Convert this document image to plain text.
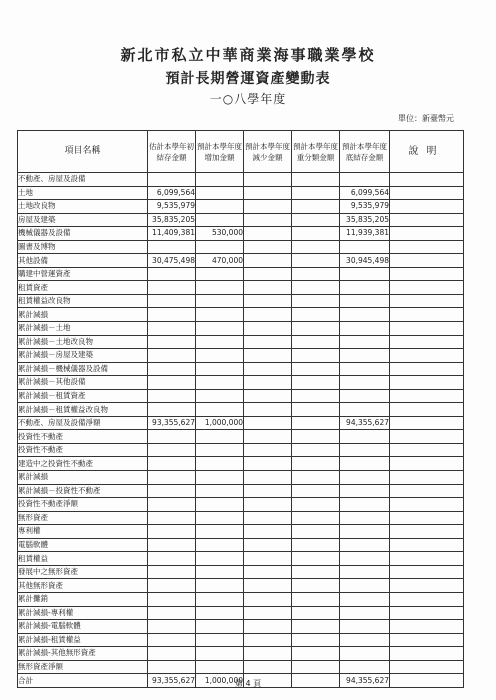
新北市私立中華商業海事職業學校
預計長期營運資產變動表
一○八學年度
單位：新臺幣元
項目名稱	估計本學年初結存金額	預計本學年度增加金額	預計本學年度減少金額	預計本學年度重分類金額	預計本學年度底結存金額	說明
不動產、房屋及設備						
土地	6,099,564				6,099,564	
土地改良物	9,535,979				9,535,979	
房屋及建築	35,835,205				35,835,205	
機械儀器及設備	11,409,381	530,000			11,939,381	
圖書及博物						
其他設備	30,475,498	470,000			30,945,498	
購建中營運資產						
租賃資產						
租賃權益改良物						
累計減損						
累計減損－土地						
累計減損－土地改良物						
累計減損－房屋及建築						
累計減損－機械儀器及設備						
累計減損－其他設備						
累計減損－租賃資產						
累計減損－租賃權益改良物						
不動產、房屋及設備淨額	93,355,627	1,000,000			94,355,627	
投資性不動產						
投資性不動產						
建造中之投資性不動產						
累計減損						
累計減損－投資性不動產						
投資性不動產淨額						
無形資產						
專利權						
電腦軟體						
租賃權益						
發展中之無形資產						
其他無形資產						
累計攤銷						
累計減損-專利權						
累計減損-電腦軟體						
累計減損-租賃權益						
累計減損-其他無形資產						
無形資產淨額						
合計	93,355,627	1,000,000			94,355,627	
第 4 頁
